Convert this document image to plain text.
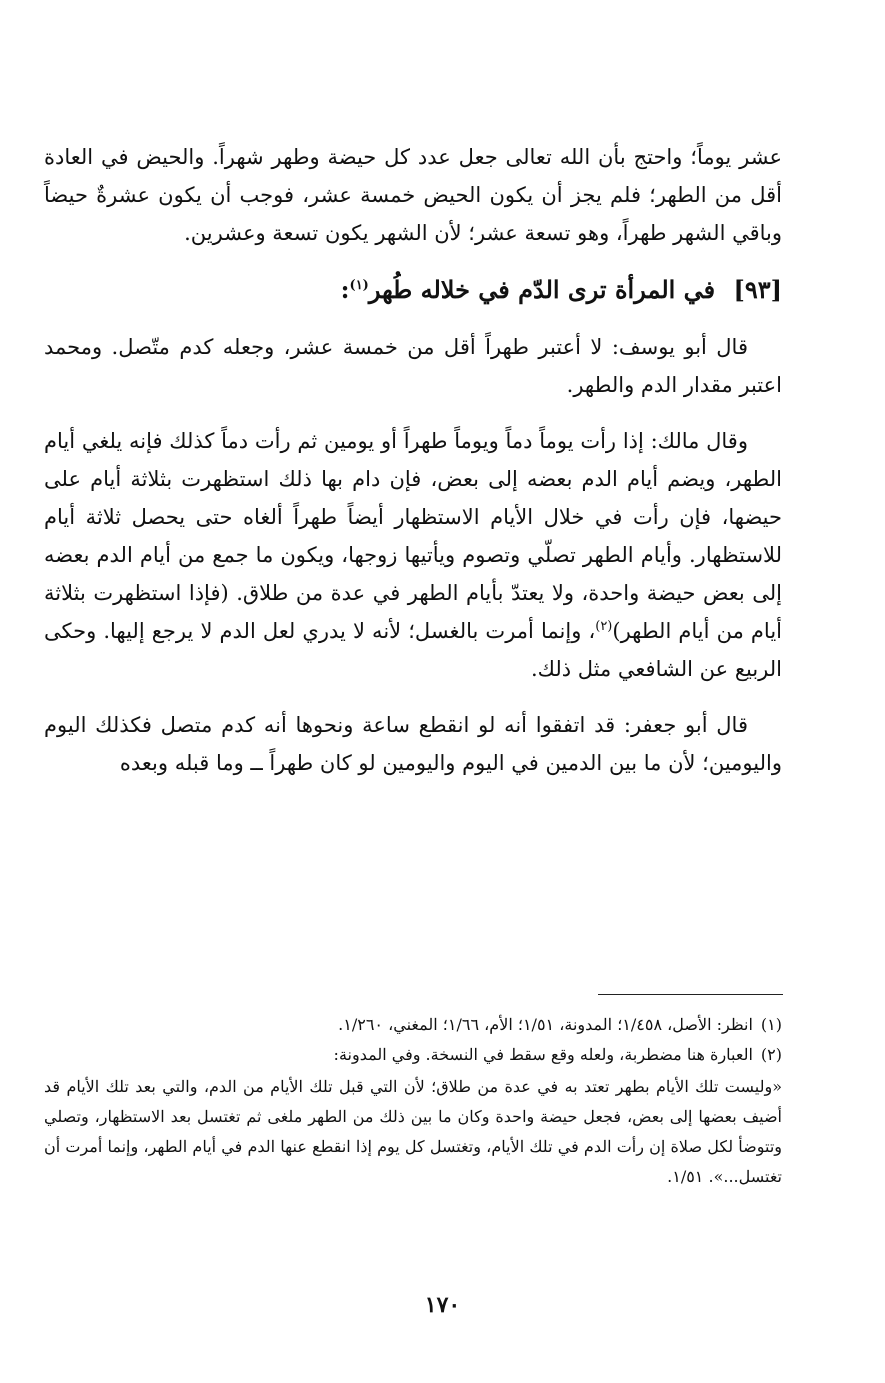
عشر يوماً؛ واحتج بأن الله تعالى جعل عدد كل حيضة وطهر شهراً. والحيض في العادة أقل من الطهر؛ فلم يجز أن يكون الحيض خمسة عشر، فوجب أن يكون عشرةٌ حيضاً وباقي الشهر طهراً، وهو تسعة عشر؛ لأن الشهر يكون تسعة وعشرين.

[٩٣] في المرأة ترى الدّم في خلاله طُهر$^{(١)}$:

قال أبو يوسف: لا أعتبر طهراً أقل من خمسة عشر، وجعله كدم متّصل. ومحمد اعتبر مقدار الدم والطهر.

وقال مالك: إذا رأت يوماً دماً ويوماً طهراً أو يومين ثم رأت دماً كذلك فإنه يلغي أيام الطهر، ويضم أيام الدم بعضه إلى بعض، فإن دام بها ذلك استظهرت بثلاثة أيام على حيضها، فإن رأت في خلال الأيام الاستظهار أيضاً طهراً ألغاه حتى يحصل ثلاثة أيام للاستظهار. وأيام الطهر تصلّي وتصوم ويأتيها زوجها، ويكون ما جمع من أيام الدم بعضه إلى بعض حيضة واحدة، ولا يعتدّ بأيام الطهر في عدة من طلاق. (فإذا استظهرت بثلاثة أيام من أيام الطهر)$^{(٢)}$، وإنما أمرت بالغسل؛ لأنه لا يدري لعل الدم لا يرجع إليها. وحكى الربيع عن الشافعي مثل ذلك.

قال أبو جعفر: قد اتفقوا أنه لو انقطع ساعة ونحوها أنه كدم متصل فكذلك اليوم واليومين؛ لأن ما بين الدمين في اليوم واليومين لو كان طهراً ــ وما قبله وبعده

(١)
انظر: الأصل، ١/٤٥٨؛ المدونة، ١/٥١؛ الأم، ١/٦٦؛ المغني، ١/٢٦٠.
(٢)
العبارة هنا مضطربة، ولعله وقع سقط في النسخة. وفي المدونة:

«وليست تلك الأيام بطهر تعتد به في عدة من طلاق؛ لأن التي قبل تلك الأيام من الدم، والتي بعد تلك الأيام قد أضيف بعضها إلى بعض، فجعل حيضة واحدة وكان ما بين ذلك من الطهر ملغى ثم تغتسل بعد الاستظهار، وتصلي وتتوضأ لكل صلاة إن رأت الدم في تلك الأيام، وتغتسل كل يوم إذا انقطع عنها الدم في أيام الطهر، وإنما أمرت أن تغتسل...». ١/٥١.

١٧٠
